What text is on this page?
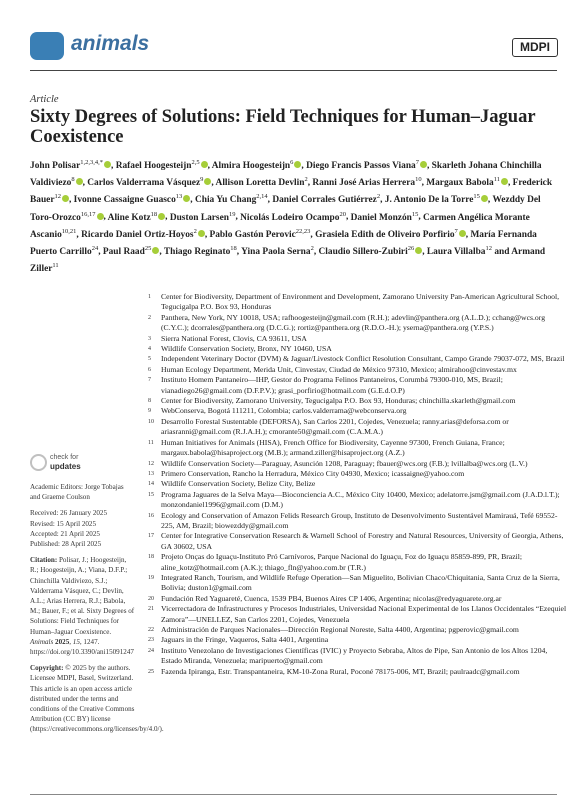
animals	MDPI
Article
Sixty Degrees of Solutions: Field Techniques for Human–Jaguar Coexistence
John Polisar$^{1,2,3,4,*}$ , Rafael Hoogesteijn$^{2,5}$ , Almira Hoogesteijn$^6$ , Diego Francis Passos Viana$^7$ , Skarleth Johana Chinchilla Valdiviezo$^8$ , Carlos Valderrama Vásquez$^9$ , Allison Loretta Devlin$^2$, Ranni José Arias Herrera$^{10}$, Margaux Babola$^{11}$ , Frederick Bauer$^{12}$ , Ivonne Cassaigne Guasco$^{13}$ , Chia Yu Chang$^{2,14}$, Daniel Corrales Gutiérrez$^2$, J. Antonio De la Torre$^{15}$ , Wezddy Del Toro-Orozco$^{16,17}$ , Aline Kotz$^{18}$ , Duston Larsen$^{19}$, Nicolás Lodeiro Ocampo$^{20}$, Daniel Monzón$^{15}$, Carmen Angélica Morante Ascanio$^{10,21}$, Ricardo Daniel Ortiz-Hoyos$^2$ , Pablo Gastón Perovic$^{22,23}$, Grasiela Edith de Oliveiro Porfirio$^7$ , María Fernanda Puerto Carrillo$^{24}$, Paul Raad$^{25}$ , Thiago Reginato$^{18}$, Yina Paola Serna$^2$, Claudio Sillero-Zubiri$^{26}$ , Laura Villalba$^{12}$ and Armand Ziller$^{11}$
1	Center for Biodiversity, Department of Environment and Development, Zamorano University Pan-American Agricultural School, Tegucigalpa P.O. Box 93, Honduras
2	Panthera, New York, NY 10018, USA; rafhoogesteijn@gmail.com (R.H.); adevlin@panthera.org (A.L.D.); cchang@wcs.org (C.Y.C.); dcorrales@panthera.org (D.C.G.); rortiz@panthera.org (R.D.O.-H.); yserna@panthera.org (Y.P.S.)
3	Sierra National Forest, Clovis, CA 93611, USA
4	Wildlife Conservation Society, Bronx, NY 10460, USA
5	Independent Veterinary Doctor (DVM) & Jaguar/Livestock Conflict Resolution Consultant, Campo Grande 79037-072, MS, Brazil
6	Human Ecology Department, Merida Unit, Cinvestav, Ciudad de México 97310, Mexico; almirahoo@cinvestav.mx
7	Instituto Homem Pantaneiro—IHP, Gestor do Programa Felinos Pantaneiros, Corumbá 79300-010, MS, Brazil; vianadiego26@gmail.com (D.F.P.V.); grasi_porfirio@hotmail.com (G.E.d.O.P)
8	Center for Biodiversity, Zamorano University, Tegucigalpa P.O. Box 93, Honduras; chinchilla.skarleth@gmail.com
9	WebConserva, Bogotá 111211, Colombia; carlos.valderrama@webconserva.org
10 Desarrollo Forestal Sustentable (DEFORSA), San Carlos 2201, Cojedes, Venezuela; ranny.arias@deforsa.com or ariasranni@gmail.com (R.J.A.H.); cmorante50@gmail.com (C.A.M.A.)
11 Human Initiatives for Animals (HISA), French Office for Biodiversity, Cayenne 97300, French Guiana, France; margaux.babola@hisaproject.org (M.B.); armand.ziller@hisaproject.org (A.Z.)
12 Wildlife Conservation Society—Paraguay, Asunción 1208, Paraguay; fbauer@wcs.org (F.B.); lvillalba@wcs.org (L.V.)
13 Primero Conservation, Rancho la Herradura, México City 04930, Mexico; icassaigne@yahoo.com
14 Wildlife Conservation Society, Belize City, Belize
15 Programa Jaguares de la Selva Maya—Bioconciencia A.C., México City 10400, Mexico; adelatorre.jsm@gmail.com (J.A.D.l.T.); monzondaniel1996@gmail.com (D.M.)
16 Ecology and Conservation of Amazon Felids Research Group, Instituto de Desenvolvimento Sustentável Mamirauá, Tefé 69552-225, AM, Brazil; biowezddy@gmail.com
17 Center for Integrative Conservation Research & Warnell School of Forestry and Natural Resources, University of Georgia, Athens, GA 30602, USA
18 Projeto Onças do Iguaçu-Instituto Pró Carnívoros, Parque Nacional do Iguaçu, Foz do Iguaçu 85859-899, PR, Brazil; aline_kotz@hotmail.com (A.K.); thiago_fln@yahoo.com.br (T.R.)
19 Integrated Ranch, Tourism, and Wildlife Refuge Operation—San Miguelito, Bolivian Chaco/Chiquitania, Santa Cruz de la Sierra, Bolivia; duston1@gmail.com
20 Fundación Red Yaguareté, Cuenca, 1539 PB4, Buenos Aires CP 1406, Argentina; nicolas@redyaguarete.org.ar
21 Vicerrectadora de Infrastructures y Procesos Industriales, Universidad Nacional Experimental de los Llanos Occidentales “Ezequiel Zamora”—UNELLEZ, San Carlos 2201, Cojedes, Venezuela
22 Administración de Parques Nacionales—Dirección Regional Noreste, Salta 4400, Argentina; pgperovic@gmail.com
23 Jaguars in the Fringe, Vaqueros, Salta 4401, Argentina
24 Instituto Venezolano de Investigaciones Científicas (IVIC) y Proyecto Sebraba, Altos de Pipe, San Antonio de los Altos 1204, Estado Miranda, Venezuela; maripuerto@gmail.com
25 Fazenda Ipiranga, Estr. Transpantaneira, KM-10-Zona Rural, Poconé 78175-006, MT, Brazil; paulraadc@gmail.com
check for
updates

Academic Editors: Jorge Tobajas and Graeme Coulson

Received: 26 January 2025

Revised: 15 April 2025

Accepted: 21 April 2025

Published: 28 April 2025

Citation: Polisar, J.; Hoogesteijn, R.; Hoogesteijn, A.; Viana, D.F.P.; Chinchilla Valdiviezo, S.J.; Valderrama Vásquez, C.; Devlin, A.L.; Arias Herrera, R.J.; Babola, M.; Bauer, F.; et al. Sixty Degrees of Solutions: Field Techniques for Human–Jaguar Coexistence. Animals 2025, 15, 1247. https://doi.org/10.3390/ani15091247

Copyright: © 2025 by the authors. Licensee MDPI, Basel, Switzerland. This article is an open access article distributed under the terms and conditions of the Creative Commons Attribution (CC BY) license (https://creativecommons.org/licenses/by/4.0/).
